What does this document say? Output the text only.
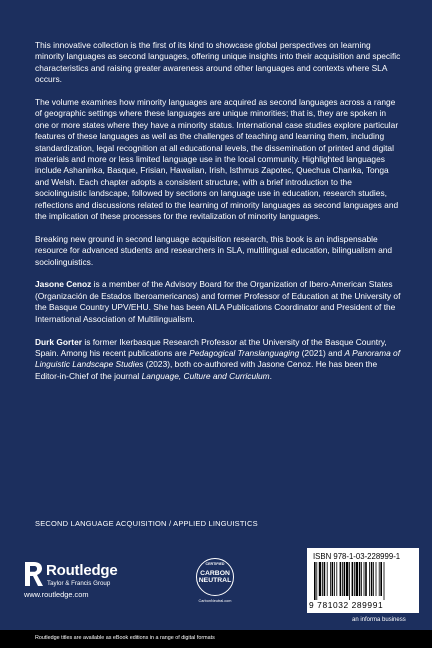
This innovative collection is the first of its kind to showcase global perspectives on learning minority languages as second languages, offering unique insights into their acquisition and specific characteristics and raising greater awareness around other languages and contexts where SLA occurs.

The volume examines how minority languages are acquired as second languages across a range of geographic settings where these languages are unique minorities; that is, they are spoken in one or more states where they have a minority status. International case studies explore particular features of these languages as well as the challenges of teaching and learning them, including standardization, legal recognition at all educational levels, the dissemination of printed and digital materials and more or less limited language use in the local community. Highlighted languages include Ashaninka, Basque, Frisian, Hawaiian, Irish, Isthmus Zapotec, Quechua Chanka, Tonga and Welsh. Each chapter adopts a consistent structure, with a brief introduction to the sociolinguistic landscape, followed by sections on language use in education, research studies, reflections and discussions related to the learning of minority languages as second languages and the implication of these processes for the revitalization of minority languages.

Breaking new ground in second language acquisition research, this book is an indispensable resource for advanced students and researchers in SLA, multilingual education, bilingualism and sociolinguistics.

Jasone Cenoz is a member of the Advisory Board for the Organization of Ibero-American States (Organización de Estados Iberoamericanos) and former Professor of Education at the University of the Basque Country UPV/EHU. She has been AILA Publications Coordinator and President of the International Association of Multilingualism.

Durk Gorter is former Ikerbasque Research Professor at the University of the Basque Country, Spain. Among his recent publications are Pedagogical Translanguaging (2021) and A Panorama of Linguistic Landscape Studies (2023), both co-authored with Jasone Cenoz. He has been the Editor-in-Chief of the journal Language, Culture and Curriculum.

SECOND LANGUAGE ACQUISITION / APPLIED LINGUISTICS
Routledge
Taylor & Francis Group
www.routledge.com
CERTIFIED
CARBON
NEUTRAL
CarbonNeutral.com
ISBN 978-1-03-228999-1
9 781032 289991
an informa business
Routledge titles are available as eBook editions in a range of digital formats
